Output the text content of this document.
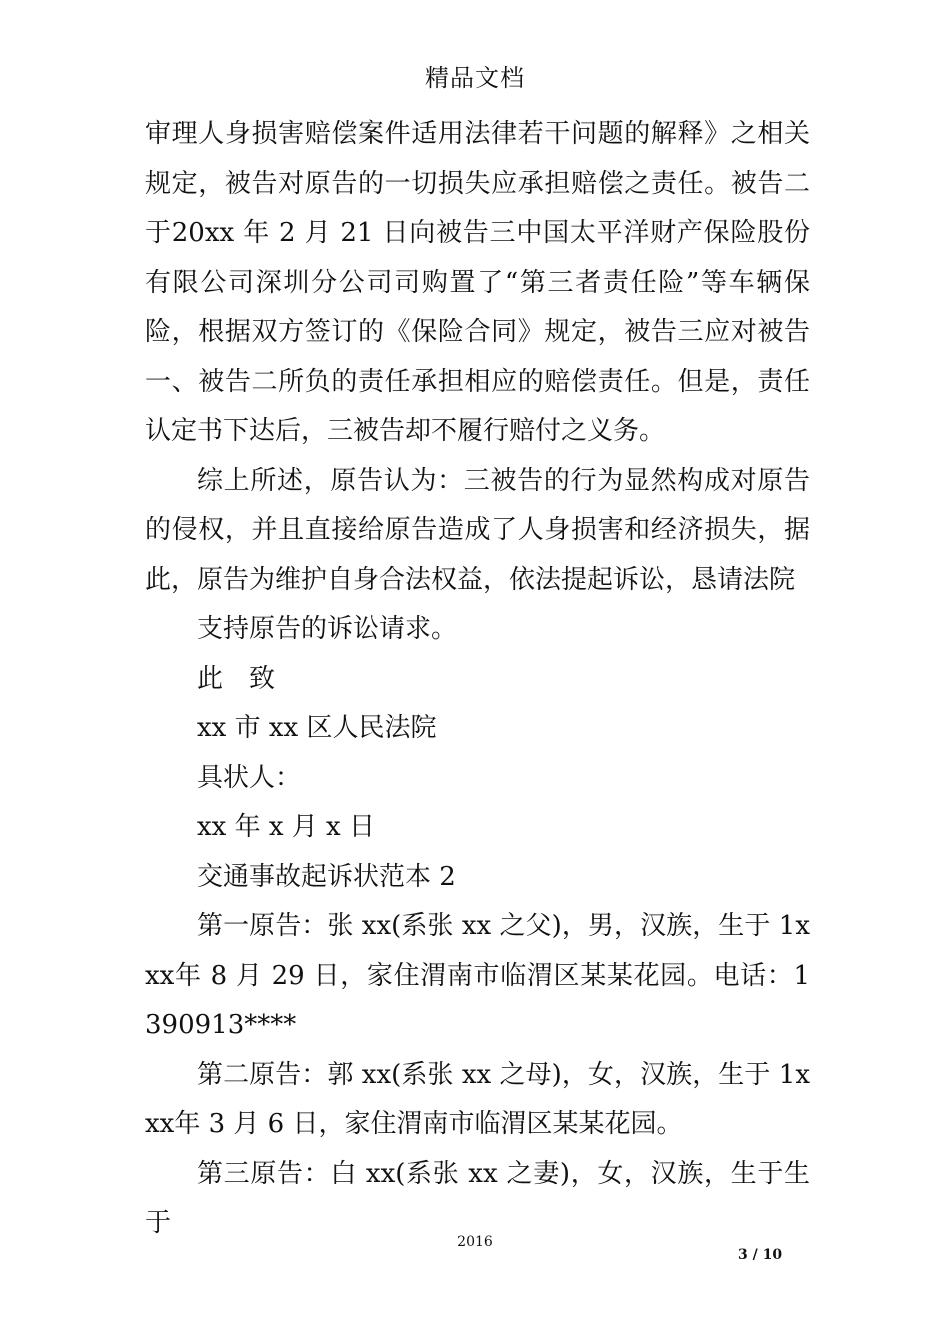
精品文档

审理人身损害赔偿案件适用法律若干问题的解释》之相关规定，被告对原告的一切损失应承担赔偿之责任。被告二于20xx 年 2 月 21 日向被告三中国太平洋财产保险股份有限公司深圳分公司司购置了“第三者责任险”等车辆保险，根据双方签订的《保险合同》规定，被告三应对被告一、被告二所负的责任承担相应的赔偿责任。但是，责任认定书下达后，三被告却不履行赔付之义务。

综上所述，原告认为：三被告的行为显然构成对原告的侵权，并且直接给原告造成了人身损害和经济损失，据此，原告为维护自身合法权益，依法提起诉讼，恳请法院

支持原告的诉讼请求。

此　致

xx 市 xx 区人民法院

具状人：

xx 年 x 月 x 日

交通事故起诉状范本 2

第一原告：张 xx(系张 xx 之父)，男，汉族，生于 1xxx年 8 月 29 日，家住渭南市临渭区某某花园。电话：1390913****

第二原告：郭 xx(系张 xx 之母)，女，汉族，生于 1xxx年 3 月 6 日，家住渭南市临渭区某某花园。

第三原告：白 xx(系张 xx 之妻)，女，汉族，生于生于

2016
3 / 10
